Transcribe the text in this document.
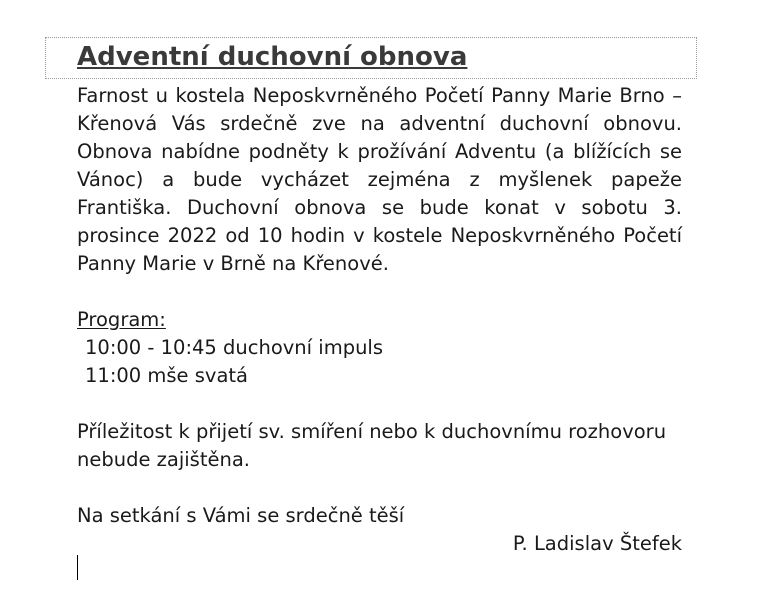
Adventní duchovní obnova

Farnost u kostela Neposkvrněného Početí Panny Marie Brno – Křenová Vás srdečně zve na adventní duchovní obnovu. Obnova nabídne podněty k prožívání Adventu (a blížících se Vánoc) a bude vycházet zejména z myšlenek papeže Františka. Duchovní obnova se bude konat v sobotu 3. prosince 2022 od 10 hodin v kostele Neposkvrněného Početí Panny Marie v Brně na Křenové.

Program:

10:00 - 10:45 duchovní impuls

11:00 mše svatá

Příležitost k přijetí sv. smíření nebo k duchovnímu rozhovoru nebude zajištěna.

Na setkání s Vámi se srdečně těší

P. Ladislav Štefek
